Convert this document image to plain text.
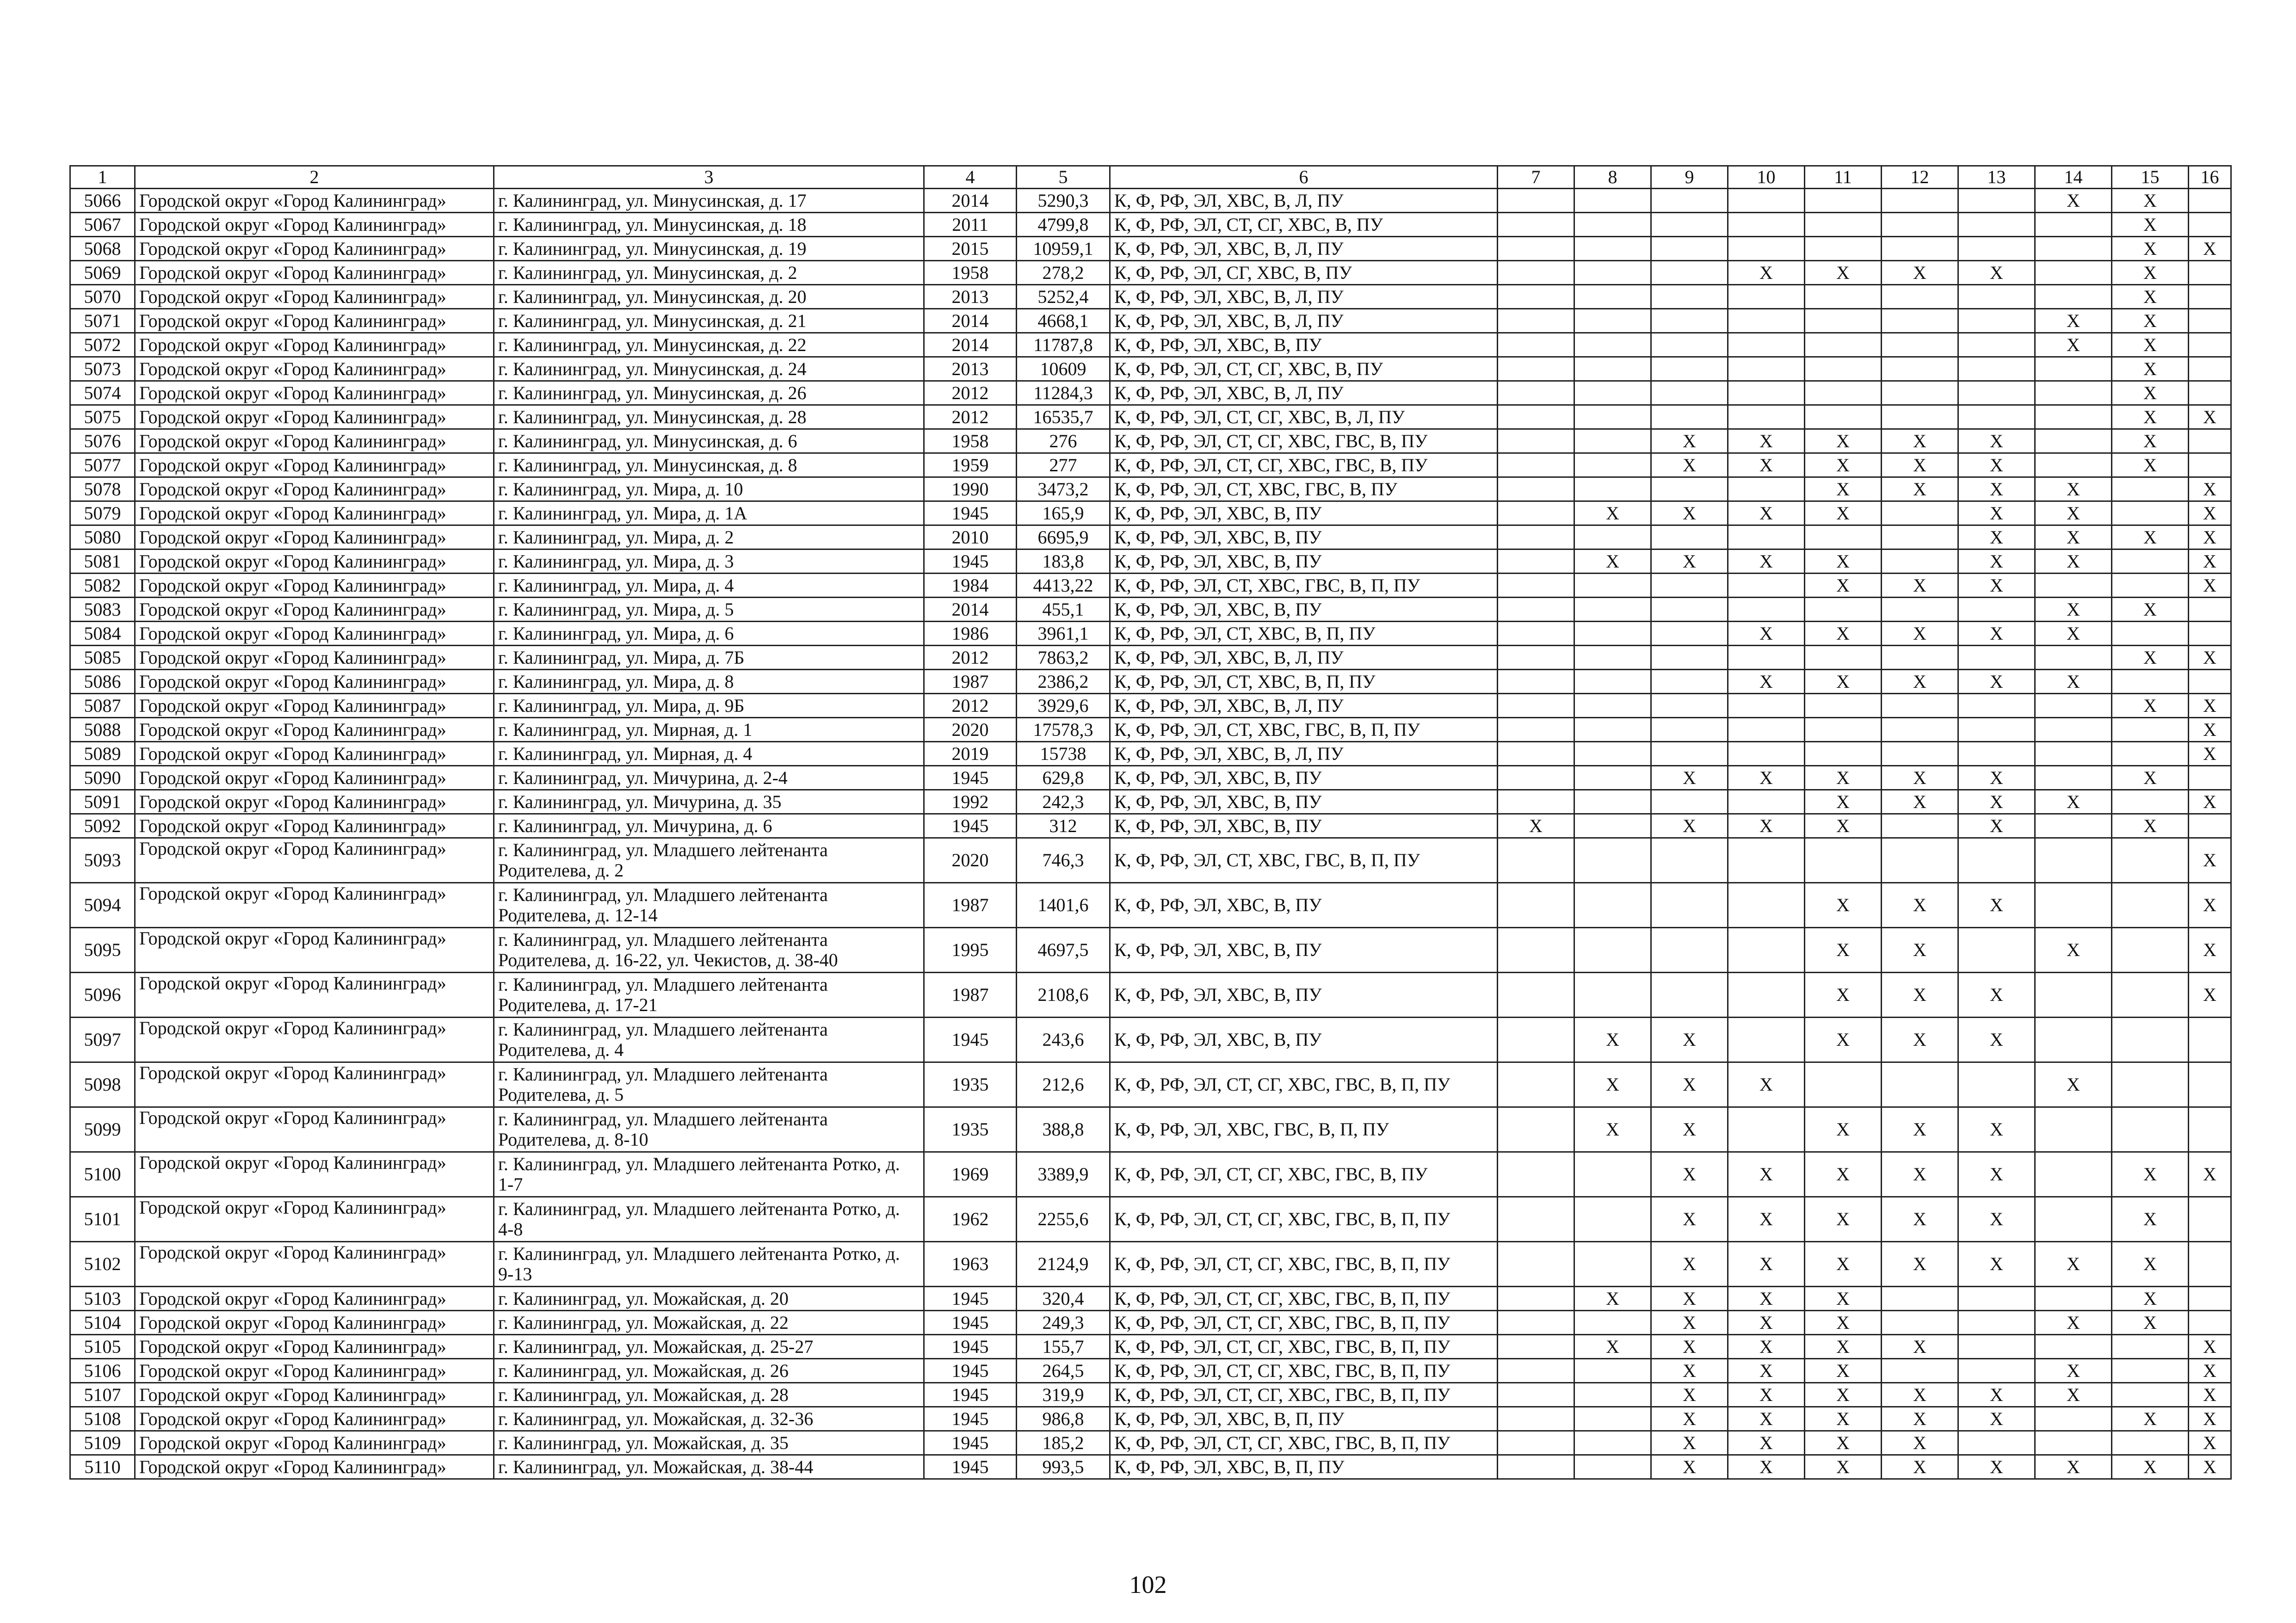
1	2	3	4	5	6	7	8	9	10	11	12	13	14	15	16
5066	Городской округ «Город Калининград»	г. Калининград, ул. Минусинская, д. 17	2014	5290,3	К, Ф, РФ, ЭЛ, ХВС, В, Л, ПУ								X	X	
5067	Городской округ «Город Калининград»	г. Калининград, ул. Минусинская, д. 18	2011	4799,8	К, Ф, РФ, ЭЛ, СТ, СГ, ХВС, В, ПУ									X	
5068	Городской округ «Город Калининград»	г. Калининград, ул. Минусинская, д. 19	2015	10959,1	К, Ф, РФ, ЭЛ, ХВС, В, Л, ПУ									X	X
5069	Городской округ «Город Калининград»	г. Калининград, ул. Минусинская, д. 2	1958	278,2	К, Ф, РФ, ЭЛ, СГ, ХВС, В, ПУ				X	X	X	X		X	
5070	Городской округ «Город Калининград»	г. Калининград, ул. Минусинская, д. 20	2013	5252,4	К, Ф, РФ, ЭЛ, ХВС, В, Л, ПУ									X	
5071	Городской округ «Город Калининград»	г. Калининград, ул. Минусинская, д. 21	2014	4668,1	К, Ф, РФ, ЭЛ, ХВС, В, Л, ПУ								X	X	
5072	Городской округ «Город Калининград»	г. Калининград, ул. Минусинская, д. 22	2014	11787,8	К, Ф, РФ, ЭЛ, ХВС, В, ПУ								X	X	
5073	Городской округ «Город Калининград»	г. Калининград, ул. Минусинская, д. 24	2013	10609	К, Ф, РФ, ЭЛ, СТ, СГ, ХВС, В, ПУ									X	
5074	Городской округ «Город Калининград»	г. Калининград, ул. Минусинская, д. 26	2012	11284,3	К, Ф, РФ, ЭЛ, ХВС, В, Л, ПУ									X	
5075	Городской округ «Город Калининград»	г. Калининград, ул. Минусинская, д. 28	2012	16535,7	К, Ф, РФ, ЭЛ, СТ, СГ, ХВС, В, Л, ПУ									X	X
5076	Городской округ «Город Калининград»	г. Калининград, ул. Минусинская, д. 6	1958	276	К, Ф, РФ, ЭЛ, СТ, СГ, ХВС, ГВС, В, ПУ			X	X	X	X	X		X	
5077	Городской округ «Город Калининград»	г. Калининград, ул. Минусинская, д. 8	1959	277	К, Ф, РФ, ЭЛ, СТ, СГ, ХВС, ГВС, В, ПУ			X	X	X	X	X		X	
5078	Городской округ «Город Калининград»	г. Калининград, ул. Мира, д. 10	1990	3473,2	К, Ф, РФ, ЭЛ, СТ, ХВС, ГВС, В, ПУ					X	X	X	X		X
5079	Городской округ «Город Калининград»	г. Калининград, ул. Мира, д. 1А	1945	165,9	К, Ф, РФ, ЭЛ, ХВС, В, ПУ		X	X	X	X		X	X		X
5080	Городской округ «Город Калининград»	г. Калининград, ул. Мира, д. 2	2010	6695,9	К, Ф, РФ, ЭЛ, ХВС, В, ПУ							X	X	X	X
5081	Городской округ «Город Калининград»	г. Калининград, ул. Мира, д. 3	1945	183,8	К, Ф, РФ, ЭЛ, ХВС, В, ПУ		X	X	X	X		X	X		X
5082	Городской округ «Город Калининград»	г. Калининград, ул. Мира, д. 4	1984	4413,22	К, Ф, РФ, ЭЛ, СТ, ХВС, ГВС, В, П, ПУ					X	X	X			X
5083	Городской округ «Город Калининград»	г. Калининград, ул. Мира, д. 5	2014	455,1	К, Ф, РФ, ЭЛ, ХВС, В, ПУ								X	X	
5084	Городской округ «Город Калининград»	г. Калининград, ул. Мира, д. 6	1986	3961,1	К, Ф, РФ, ЭЛ, СТ, ХВС, В, П, ПУ				X	X	X	X	X		
5085	Городской округ «Город Калининград»	г. Калининград, ул. Мира, д. 7Б	2012	7863,2	К, Ф, РФ, ЭЛ, ХВС, В, Л, ПУ									X	X
5086	Городской округ «Город Калининград»	г. Калининград, ул. Мира, д. 8	1987	2386,2	К, Ф, РФ, ЭЛ, СТ, ХВС, В, П, ПУ				X	X	X	X	X		
5087	Городской округ «Город Калининград»	г. Калининград, ул. Мира, д. 9Б	2012	3929,6	К, Ф, РФ, ЭЛ, ХВС, В, Л, ПУ									X	X
5088	Городской округ «Город Калининград»	г. Калининград, ул. Мирная, д. 1	2020	17578,3	К, Ф, РФ, ЭЛ, СТ, ХВС, ГВС, В, П, ПУ										X
5089	Городской округ «Город Калининград»	г. Калининград, ул. Мирная, д. 4	2019	15738	К, Ф, РФ, ЭЛ, ХВС, В, Л, ПУ										X
5090	Городской округ «Город Калининград»	г. Калининград, ул. Мичурина, д. 2-4	1945	629,8	К, Ф, РФ, ЭЛ, ХВС, В, ПУ			X	X	X	X	X		X	
5091	Городской округ «Город Калининград»	г. Калининград, ул. Мичурина, д. 35	1992	242,3	К, Ф, РФ, ЭЛ, ХВС, В, ПУ					X	X	X	X		X
5092	Городской округ «Город Калининград»	г. Калининград, ул. Мичурина, д. 6	1945	312	К, Ф, РФ, ЭЛ, ХВС, В, ПУ	X		X	X	X		X		X	
5093	Городской округ «Город Калининград»	г. Калининград, ул. Младшего лейтенанта Родителева, д. 2	2020	746,3	К, Ф, РФ, ЭЛ, СТ, ХВС, ГВС, В, П, ПУ										X
5094	Городской округ «Город Калининград»	г. Калининград, ул. Младшего лейтенанта Родителева, д. 12-14	1987	1401,6	К, Ф, РФ, ЭЛ, ХВС, В, ПУ					X	X	X			X
5095	Городской округ «Город Калининград»	г. Калининград, ул. Младшего лейтенанта Родителева, д. 16-22, ул. Чекистов, д. 38-40	1995	4697,5	К, Ф, РФ, ЭЛ, ХВС, В, ПУ					X	X		X		X
5096	Городской округ «Город Калининград»	г. Калининград, ул. Младшего лейтенанта Родителева, д. 17-21	1987	2108,6	К, Ф, РФ, ЭЛ, ХВС, В, ПУ					X	X	X			X
5097	Городской округ «Город Калининград»	г. Калининград, ул. Младшего лейтенанта Родителева, д. 4	1945	243,6	К, Ф, РФ, ЭЛ, ХВС, В, ПУ		X	X		X	X	X			
5098	Городской округ «Город Калининград»	г. Калининград, ул. Младшего лейтенанта Родителева, д. 5	1935	212,6	К, Ф, РФ, ЭЛ, СТ, СГ, ХВС, ГВС, В, П, ПУ		X	X	X				X		
5099	Городской округ «Город Калининград»	г. Калининград, ул. Младшего лейтенанта Родителева, д. 8-10	1935	388,8	К, Ф, РФ, ЭЛ, ХВС, ГВС, В, П, ПУ		X	X		X	X	X			
5100	Городской округ «Город Калининград»	г. Калининград, ул. Младшего лейтенанта Ротко, д. 1-7	1969	3389,9	К, Ф, РФ, ЭЛ, СТ, СГ, ХВС, ГВС, В, ПУ			X	X	X	X	X		X	X
5101	Городской округ «Город Калининград»	г. Калининград, ул. Младшего лейтенанта Ротко, д. 4-8	1962	2255,6	К, Ф, РФ, ЭЛ, СТ, СГ, ХВС, ГВС, В, П, ПУ			X	X	X	X	X		X	
5102	Городской округ «Город Калининград»	г. Калининград, ул. Младшего лейтенанта Ротко, д. 9-13	1963	2124,9	К, Ф, РФ, ЭЛ, СТ, СГ, ХВС, ГВС, В, П, ПУ			X	X	X	X	X	X	X	
5103	Городской округ «Город Калининград»	г. Калининград, ул. Можайская, д. 20	1945	320,4	К, Ф, РФ, ЭЛ, СТ, СГ, ХВС, ГВС, В, П, ПУ		X	X	X	X				X	
5104	Городской округ «Город Калининград»	г. Калининград, ул. Можайская, д. 22	1945	249,3	К, Ф, РФ, ЭЛ, СТ, СГ, ХВС, ГВС, В, П, ПУ			X	X	X			X	X	
5105	Городской округ «Город Калининград»	г. Калининград, ул. Можайская, д. 25-27	1945	155,7	К, Ф, РФ, ЭЛ, СТ, СГ, ХВС, ГВС, В, П, ПУ		X	X	X	X	X				X
5106	Городской округ «Город Калининград»	г. Калининград, ул. Можайская, д. 26	1945	264,5	К, Ф, РФ, ЭЛ, СТ, СГ, ХВС, ГВС, В, П, ПУ			X	X	X			X		X
5107	Городской округ «Город Калининград»	г. Калининград, ул. Можайская, д. 28	1945	319,9	К, Ф, РФ, ЭЛ, СТ, СГ, ХВС, ГВС, В, П, ПУ			X	X	X	X	X	X		X
5108	Городской округ «Город Калининград»	г. Калининград, ул. Можайская, д. 32-36	1945	986,8	К, Ф, РФ, ЭЛ, ХВС, В, П, ПУ			X	X	X	X	X		X	X
5109	Городской округ «Город Калининград»	г. Калининград, ул. Можайская, д. 35	1945	185,2	К, Ф, РФ, ЭЛ, СТ, СГ, ХВС, ГВС, В, П, ПУ			X	X	X	X				X
5110	Городской округ «Город Калининград»	г. Калининград, ул. Можайская, д. 38-44	1945	993,5	К, Ф, РФ, ЭЛ, ХВС, В, П, ПУ			X	X	X	X	X	X	X	X
102
